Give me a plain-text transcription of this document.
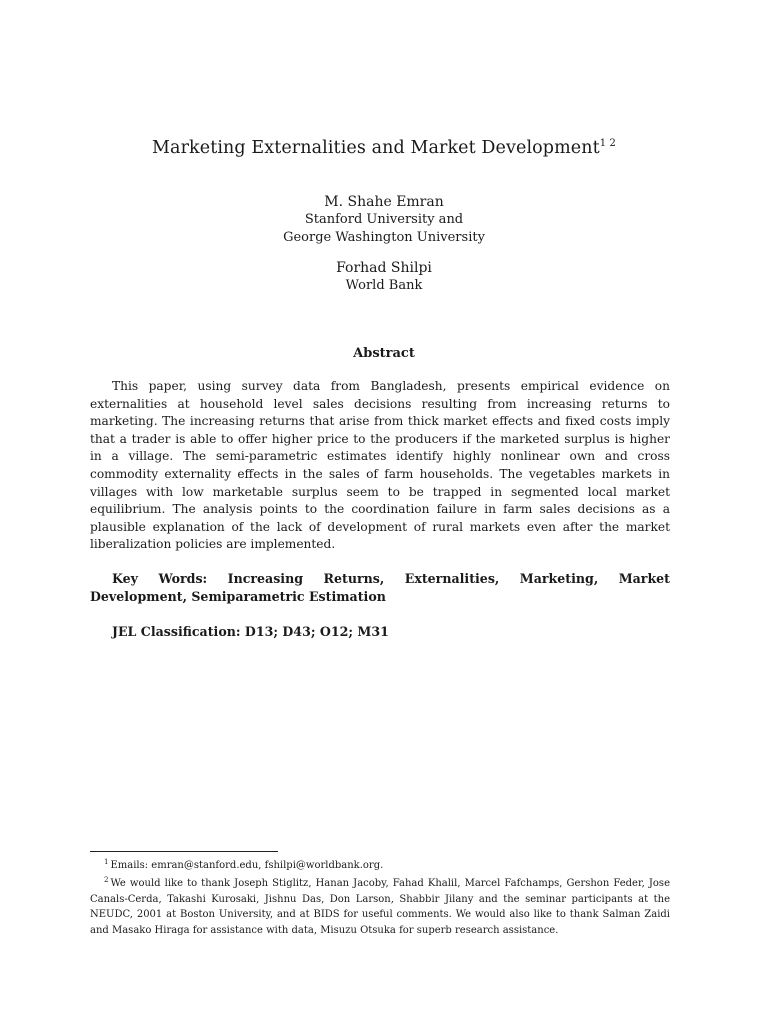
Marketing Externalities and Market Development$^{1 2}$
M. Shahe Emran
Stanford University and
George Washington University
Forhad Shilpi
World Bank
Abstract
This paper, using survey data from Bangladesh, presents empirical evidence on externalities at household level sales decisions resulting from increasing returns to marketing. The increasing returns that arise from thick market effects and fixed costs imply that a trader is able to offer higher price to the producers if the marketed surplus is higher in a village. The semi-parametric estimates identify highly nonlinear own and cross commodity externality effects in the sales of farm households. The vegetables markets in villages with low marketable surplus seem to be trapped in segmented local market equilibrium. The analysis points to the coordination failure in farm sales decisions as a plausible explanation of the lack of development of rural markets even after the market liberalization policies are implemented.
Key Words: Increasing Returns, Externalities, Marketing, Market Development, Semiparametric Estimation
JEL Classification: D13; D43; O12; M31
$^1$ Emails: emran@stanford.edu, fshilpi@worldbank.org.
$^2$ We would like to thank Joseph Stiglitz, Hanan Jacoby, Fahad Khalil, Marcel Fafchamps, Gershon Feder, Jose Canals-Cerda, Takashi Kurosaki, Jishnu Das, Don Larson, Shabbir Jilany and the seminar participants at the NEUDC, 2001 at Boston University, and at BIDS for useful comments. We would also like to thank Salman Zaidi and Masako Hiraga for assistance with data, Misuzu Otsuka for superb research assistance.
